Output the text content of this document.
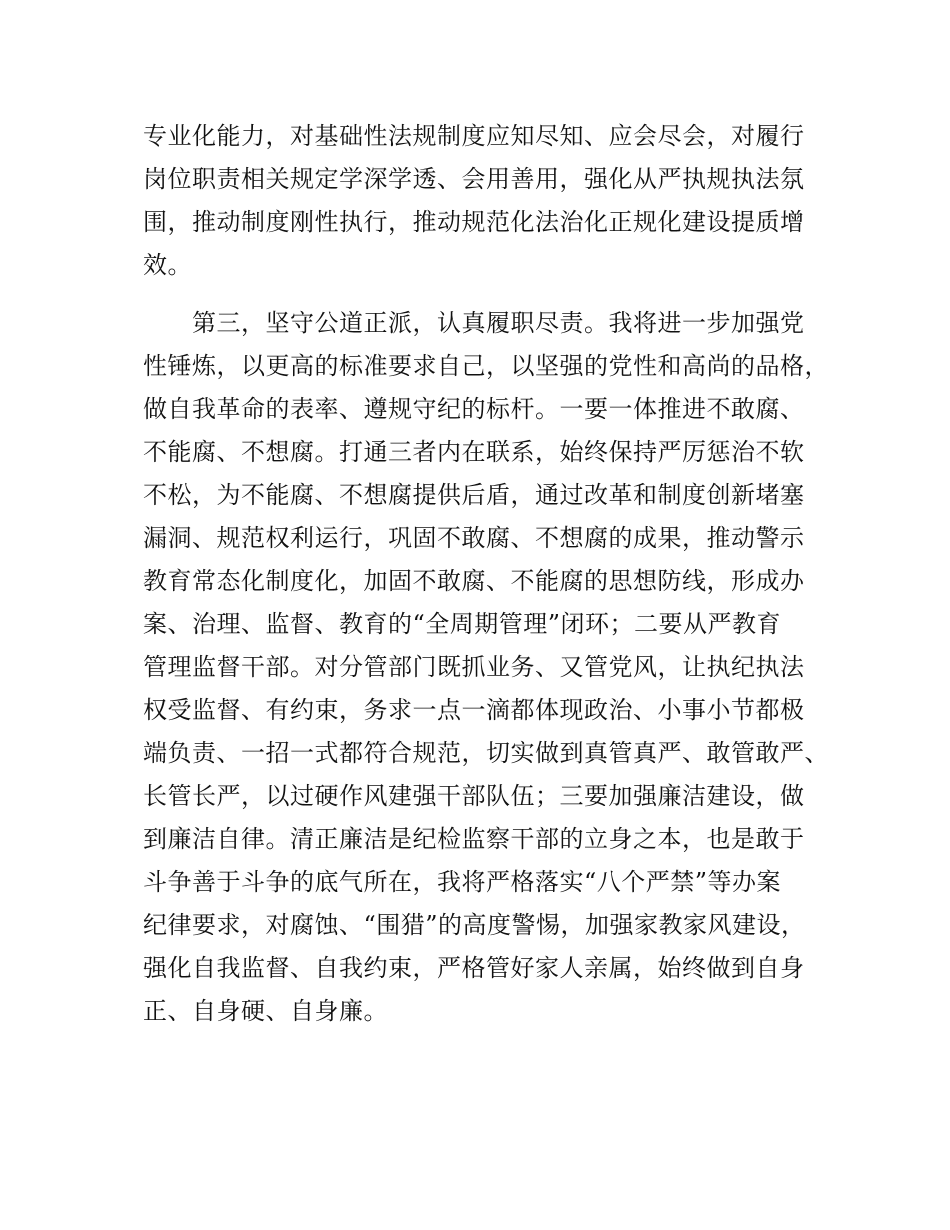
专业化能力，对基础性法规制度应知尽知、应会尽会，对履行
岗位职责相关规定学深学透、会用善用，强化从严执规执法氛
围，推动制度刚性执行，推动规范化法治化正规化建设提质增
效。
第三，坚守公道正派，认真履职尽责。我将进一步加强党
性锤炼，以更高的标准要求自己，以坚强的党性和高尚的品格，
做自我革命的表率、遵规守纪的标杆。一要一体推进不敢腐、
不能腐、不想腐。打通三者内在联系，始终保持严厉惩治不软
不松，为不能腐、不想腐提供后盾，通过改革和制度创新堵塞
漏洞、规范权利运行，巩固不敢腐、不想腐的成果，推动警示
教育常态化制度化，加固不敢腐、不能腐的思想防线，形成办
案、治理、监督、教育的“全周期管理”闭环；二要从严教育
管理监督干部。对分管部门既抓业务、又管党风，让执纪执法
权受监督、有约束，务求一点一滴都体现政治、小事小节都极
端负责、一招一式都符合规范，切实做到真管真严、敢管敢严、
长管长严，以过硬作风建强干部队伍；三要加强廉洁建设，做
到廉洁自律。清正廉洁是纪检监察干部的立身之本，也是敢于
斗争善于斗争的底气所在，我将严格落实“八个严禁”等办案
纪律要求，对腐蚀、“围猎”的高度警惕，加强家教家风建设，
强化自我监督、自我约束，严格管好家人亲属，始终做到自身
正、自身硬、自身廉。
